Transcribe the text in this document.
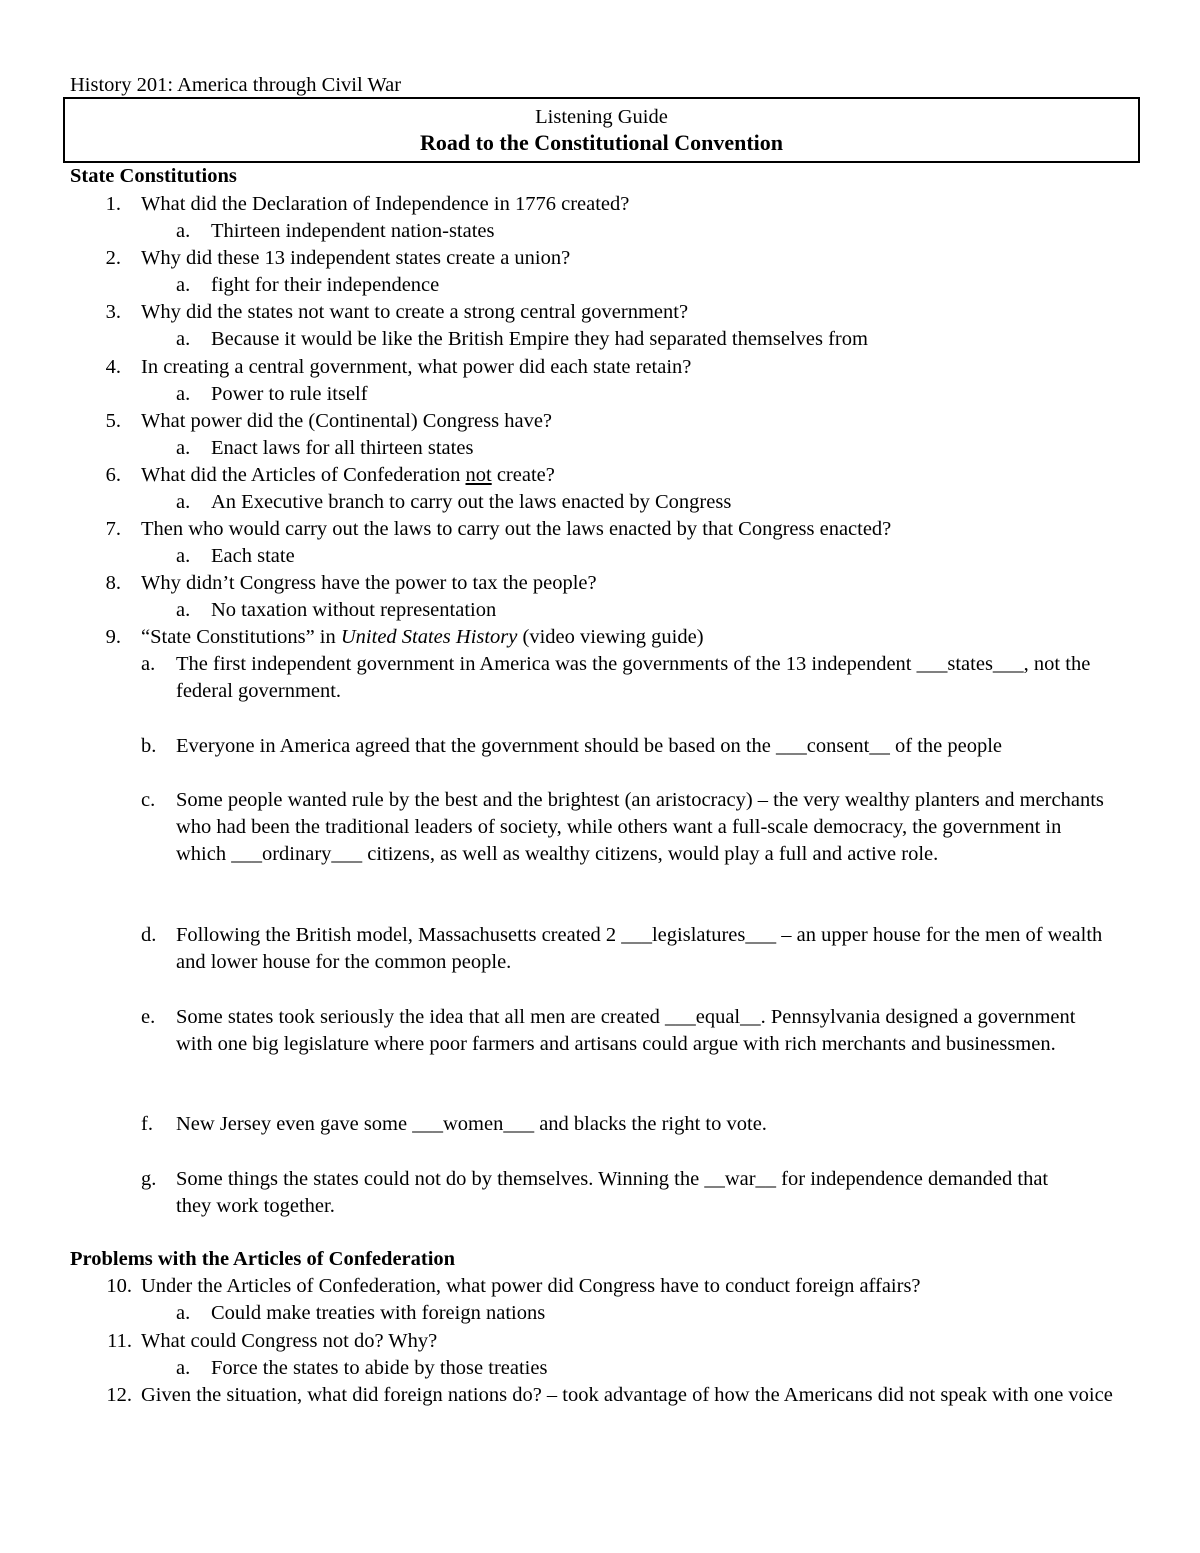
History 201: America through Civil War
Listening Guide
Road to the Constitutional Convention
State Constitutions
1. What did the Declaration of Independence in 1776 created?
a. Thirteen independent nation-states
2. Why did these 13 independent states create a union?
a. fight for their independence
3. Why did the states not want to create a strong central government?
a. Because it would be like the British Empire they had separated themselves from
4. In creating a central government, what power did each state retain?
a. Power to rule itself
5. What power did the (Continental) Congress have?
a. Enact laws for all thirteen states
6. What did the Articles of Confederation not create?
a. An Executive branch to carry out the laws enacted by Congress
7. Then who would carry out the laws to carry out the laws enacted by that Congress enacted?
a. Each state
8. Why didn’t Congress have the power to tax the people?
a. No taxation without representation
9. “State Constitutions” in United States History (video viewing guide)
a. The first independent government in America was the governments of the 13 independent ___states___, not the federal government.
b. Everyone in America agreed that the government should be based on the ___consent__ of the people
c. Some people wanted rule by the best and the brightest (an aristocracy) – the very wealthy planters and merchants who had been the traditional leaders of society, while others want a full-scale democracy, the government in which ___ordinary___ citizens, as well as wealthy citizens, would play a full and active role.
d. Following the British model, Massachusetts created 2 ___legislatures___ – an upper house for the men of wealth and lower house for the common people.
e. Some states took seriously the idea that all men are created ___equal__. Pennsylvania designed a government with one big legislature where poor farmers and artisans could argue with rich merchants and businessmen.
f. New Jersey even gave some ___women___ and blacks the right to vote.
g. Some things the states could not do by themselves. Winning the __war__ for independence demanded that they work together.
Problems with the Articles of Confederation
10. Under the Articles of Confederation, what power did Congress have to conduct foreign affairs?
a. Could make treaties with foreign nations
11. What could Congress not do? Why?
a. Force the states to abide by those treaties
12. Given the situation, what did foreign nations do? – took advantage of how the Americans did not speak with one voice
